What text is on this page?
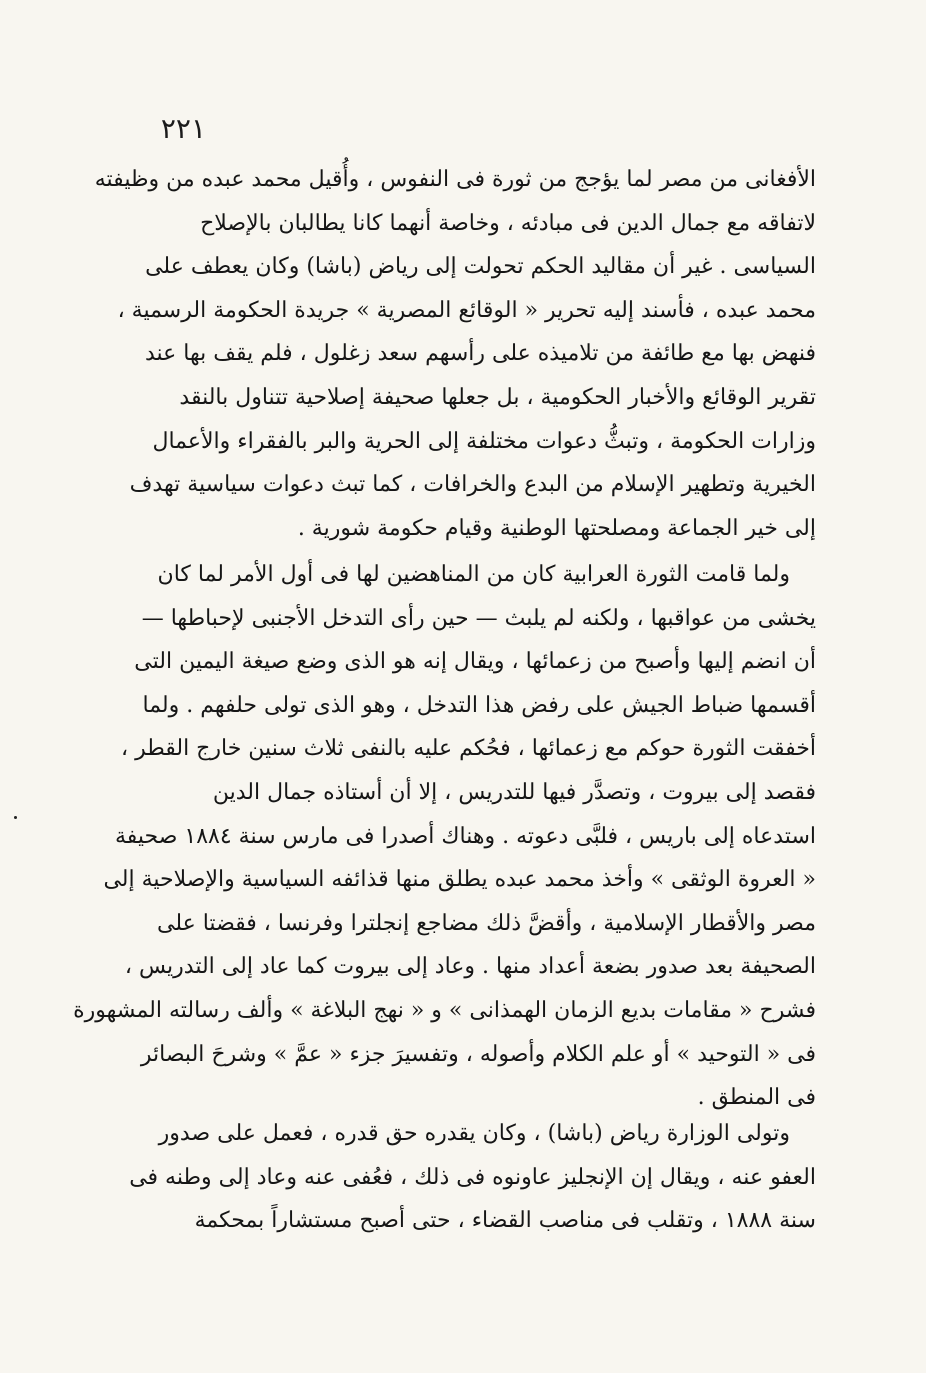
٢٢١
الأفغانى من مصر لما يؤجج من ثورة فى النفوس ، وأُقيل محمد عبده من وظيفته
لاتفاقه مع جمال الدين فى مبادئه ، وخاصة أنهما كانا يطالبان بالإصلاح
السياسى . غير أن مقاليد الحكم تحولت إلى رياض (باشا) وكان يعطف على
محمد عبده ، فأسند إليه تحرير « الوقائع المصرية » جريدة الحكومة الرسمية ،
فنهض بها مع طائفة من تلاميذه على رأسهم سعد زغلول ، فلم يقف بها عند
تقرير الوقائع والأخبار الحكومية ، بل جعلها صحيفة إصلاحية تتناول بالنقد
وزارات الحكومة ، وتبثُّ دعوات مختلفة إلى الحرية والبر بالفقراء والأعمال
الخيرية وتطهير الإسلام من البدع والخرافات ، كما تبث دعوات سياسية تهدف
إلى خير الجماعة ومصلحتها الوطنية وقيام حكومة شورية .
ولما قامت الثورة العرابية كان من المناهضين لها فى أول الأمر لما كان
يخشى من عواقبها ، ولكنه لم يلبث — حين رأى التدخل الأجنبى لإحباطها —
أن انضم إليها وأصبح من زعمائها ، ويقال إنه هو الذى وضع صيغة اليمين التى
أقسمها ضباط الجيش على رفض هذا التدخل ، وهو الذى تولى حلفهم . ولما
أخفقت الثورة حوكم مع زعمائها ، فحُكم عليه بالنفى ثلاث سنين خارج القطر ،
فقصد إلى بيروت ، وتصدَّر فيها للتدريس ، إلا أن أستاذه جمال الدين
استدعاه إلى باريس ، فلبَّى دعوته . وهناك أصدرا فى مارس سنة ١٨٨٤ صحيفة
« العروة الوثقى » وأخذ محمد عبده يطلق منها قذائفه السياسية والإصلاحية إلى
مصر والأقطار الإسلامية ، وأقضَّ ذلك مضاجع إنجلترا وفرنسا ، فقضتا على
الصحيفة بعد صدور بضعة أعداد منها . وعاد إلى بيروت كما عاد إلى التدريس ،
فشرح « مقامات بديع الزمان الهمذانى » و « نهج البلاغة » وألف رسالته المشهورة
فى « التوحيد » أو علم الكلام وأصوله ، وتفسيرَ جزء « عمَّ » وشرحَ البصائر
فى المنطق .
وتولى الوزارة رياض (باشا) ، وكان يقدره حق قدره ، فعمل على صدور
العفو عنه ، ويقال إن الإنجليز عاونوه فى ذلك ، فعُفى عنه وعاد إلى وطنه فى
سنة ١٨٨٨ ، وتقلب فى مناصب القضاء ، حتى أصبح مستشاراً بمحكمة
